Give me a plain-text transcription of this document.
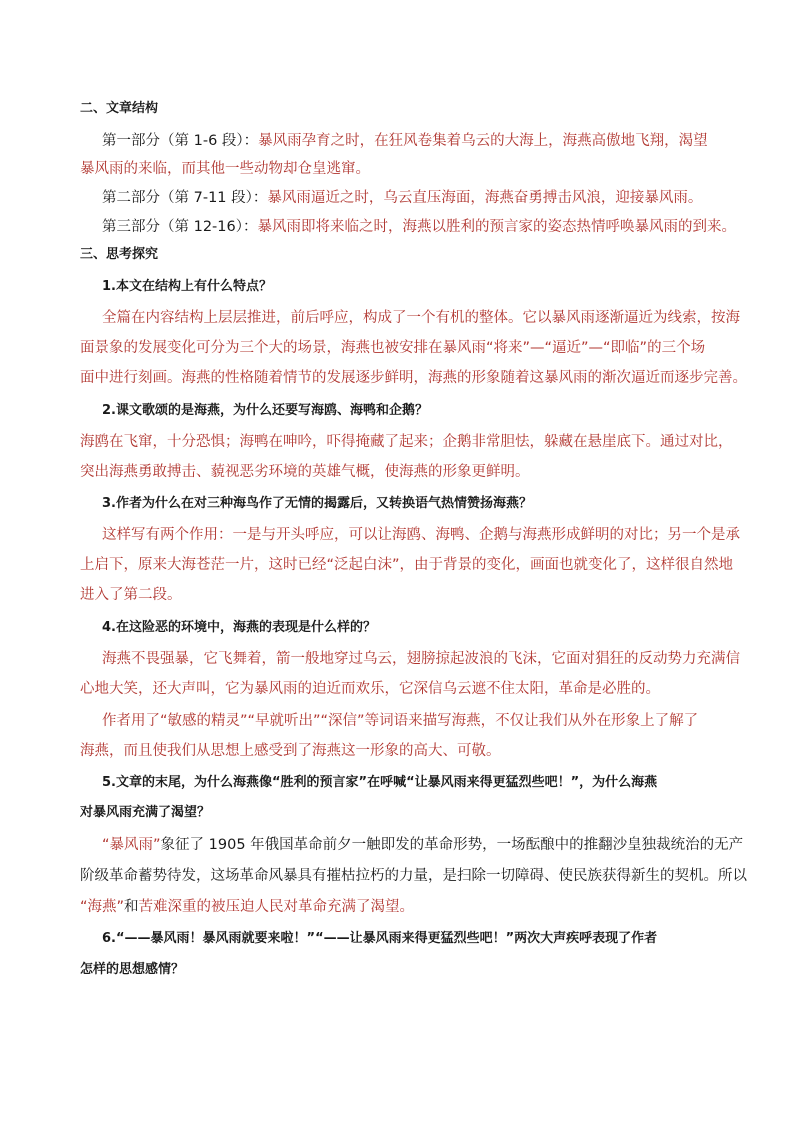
二、文章结构
第一部分（第 1-6 段）：暴风雨孕育之时，在狂风卷集着乌云的大海上，海燕高傲地飞翔，渴望
暴风雨的来临，而其他一些动物却仓皇逃窜。
第二部分（第 7-11 段）：暴风雨逼近之时，乌云直压海面，海燕奋勇搏击风浪，迎接暴风雨。
第三部分（第 12-16）：暴风雨即将来临之时，海燕以胜利的预言家的姿态热情呼唤暴风雨的到来。
三、思考探究
1.本文在结构上有什么特点？
全篇在内容结构上层层推进，前后呼应，构成了一个有机的整体。它以暴风雨逐渐逼近为线索，按海
面景象的发展变化可分为三个大的场景，海燕也被安排在暴风雨“将来”—“逼近”—“即临”的三个场
面中进行刻画。海燕的性格随着情节的发展逐步鲜明，海燕的形象随着这暴风雨的渐次逼近而逐步完善。
2.课文歌颂的是海燕，为什么还要写海鸥、海鸭和企鹅？
海鸥在飞窜，十分恐惧；海鸭在呻吟，吓得掩藏了起来；企鹅非常胆怯，躲藏在悬崖底下。通过对比，
突出海燕勇敢搏击、藐视恶劣环境的英雄气概，使海燕的形象更鲜明。
3.作者为什么在对三种海鸟作了无情的揭露后，又转换语气热情赞扬海燕？
这样写有两个作用：一是与开头呼应，可以让海鸥、海鸭、企鹅与海燕形成鲜明的对比；另一个是承
上启下，原来大海苍茫一片，这时已经“泛起白沫”，由于背景的变化，画面也就变化了，这样很自然地
进入了第二段。
4.在这险恶的环境中，海燕的表现是什么样的？
海燕不畏强暴，它飞舞着，箭一般地穿过乌云，翅膀掠起波浪的飞沫，它面对猖狂的反动势力充满信
心地大笑，还大声叫，它为暴风雨的迫近而欢乐，它深信乌云遮不住太阳，革命是必胜的。
作者用了“敏感的精灵”“早就听出”“深信”等词语来描写海燕，不仅让我们从外在形象上了解了
海燕，而且使我们从思想上感受到了海燕这一形象的高大、可敬。
5.文章的末尾，为什么海燕像“胜利的预言家”在呼喊“让暴风雨来得更猛烈些吧！”，为什么海燕
对暴风雨充满了渴望？
“暴风雨”象征了 1905 年俄国革命前夕一触即发的革命形势，一场酝酿中的推翻沙皇独裁统治的无产
阶级革命蓄势待发，这场革命风暴具有摧枯拉朽的力量，是扫除一切障碍、使民族获得新生的契机。所以
“海燕”和苦难深重的被压迫人民对革命充满了渴望。
6.“——暴风雨！暴风雨就要来啦！”“——让暴风雨来得更猛烈些吧！”两次大声疾呼表现了作者
怎样的思想感情？
